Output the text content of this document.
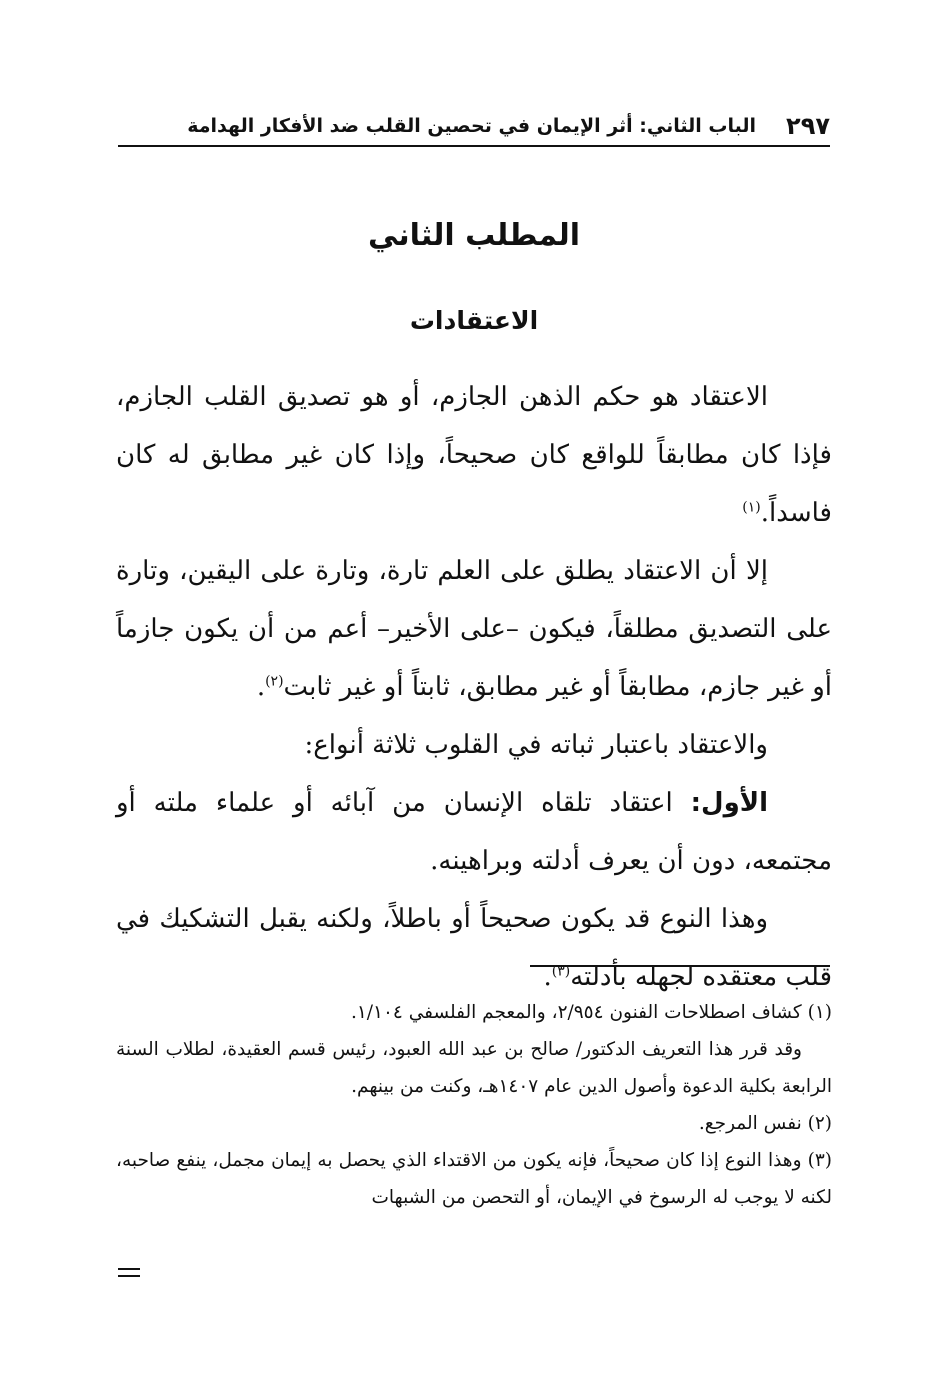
٢٩٧
الباب الثاني: أثر الإيمان في تحصين القلب ضد الأفكار الهدامة
المطلب الثاني
الاعتقادات

الاعتقاد هو حكم الذهن الجازم، أو هو تصديق القلب الجازم، فإذا كان مطابقاً للواقع كان صحيحاً، وإذا كان غير مطابق له كان فاسداً.$^{(١)}$

إلا أن الاعتقاد يطلق على العلم تارة، وتارة على اليقين، وتارة على التصديق مطلقاً، فيكون –على الأخير– أعم من أن يكون جازماً أو غير جازم، مطابقاً أو غير مطابق، ثابتاً أو غير ثابت$^{(٢)}$.

والاعتقاد باعتبار ثباته في القلوب ثلاثة أنواع:

الأول: اعتقاد تلقاه الإنسان من آبائه أو علماء ملته أو مجتمعه، دون أن يعرف أدلته وبراهينه.

وهذا النوع قد يكون صحيحاً أو باطلاً، ولكنه يقبل التشكيك في قلب معتقده لجهله بأدلته$^{(٣)}$.

(١) كشاف اصطلاحات الفنون ٢/٩٥٤، والمعجم الفلسفي ١/١٠٤.

وقد قرر هذا التعريف الدكتور/ صالح بن عبد الله العبود، رئيس قسم العقيدة، لطلاب السنة الرابعة بكلية الدعوة وأصول الدين عام ١٤٠٧هـ، وكنت من بينهم.

(٢) نفس المرجع.

(٣) وهذا النوع إذا كان صحيحاً، فإنه يكون من الاقتداء الذي يحصل به إيمان مجمل، ينفع صاحبه، لكنه لا يوجب له الرسوخ في الإيمان، أو التحصن من الشبهات
